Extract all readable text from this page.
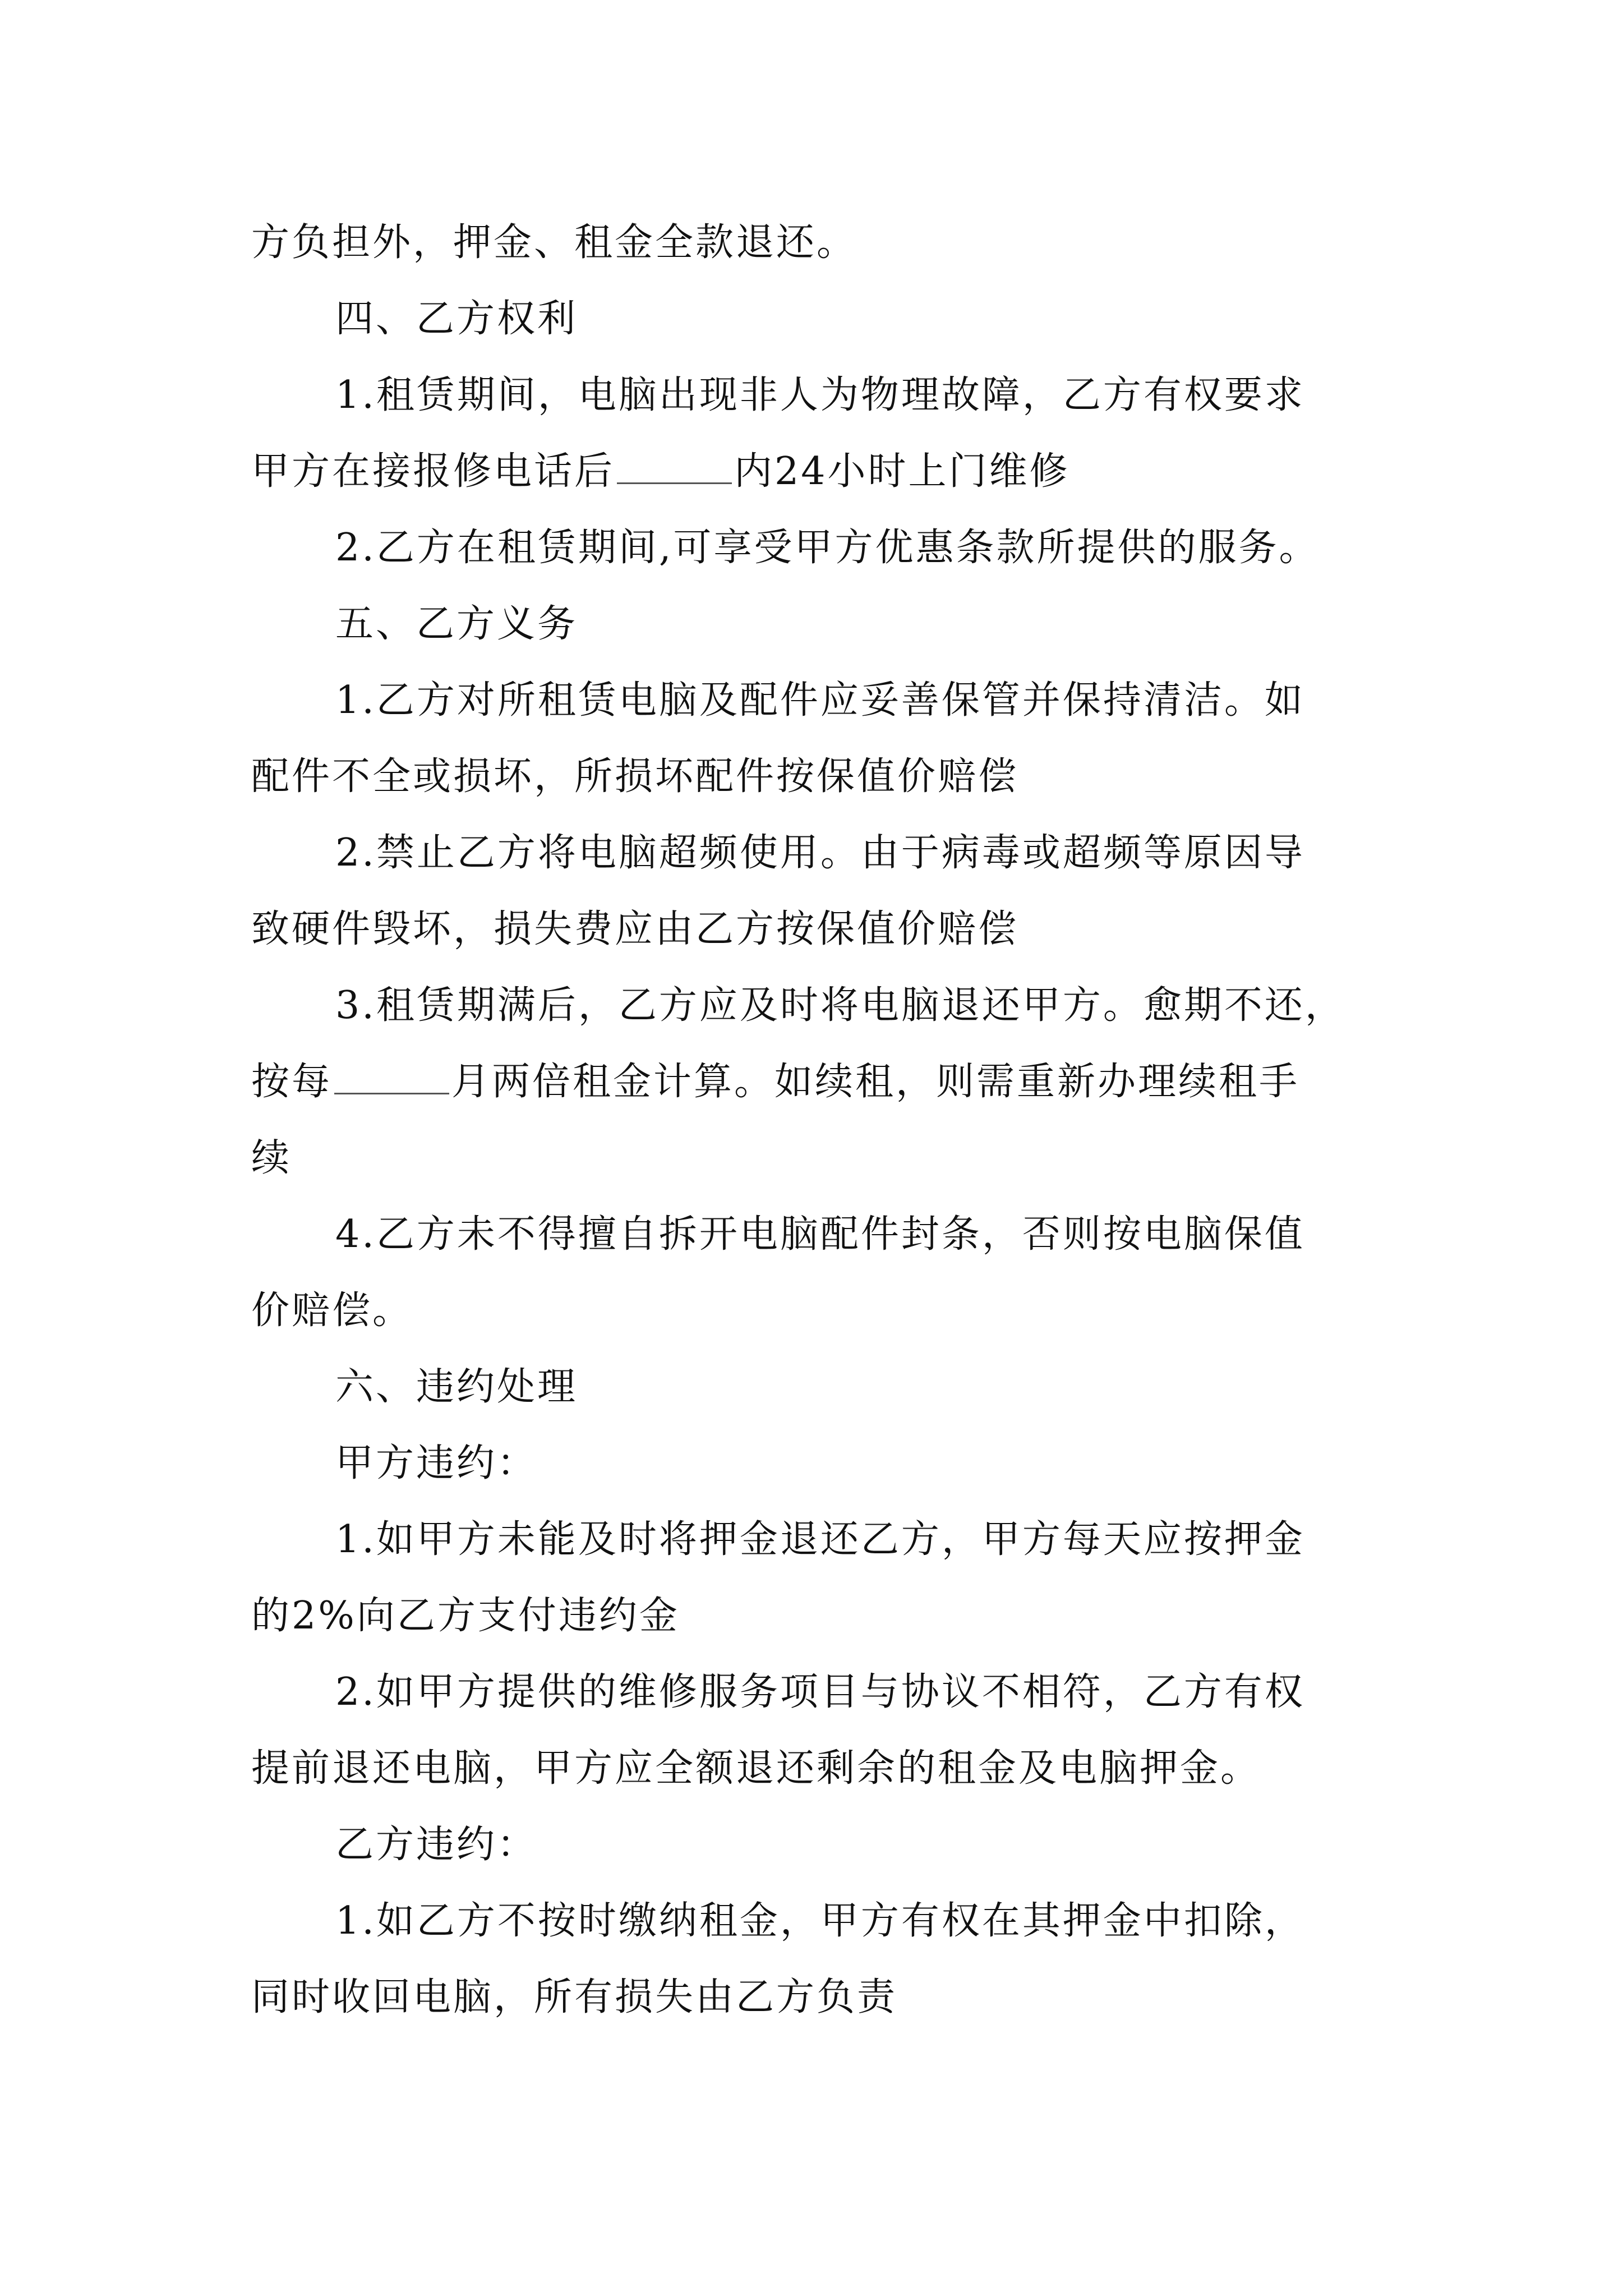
方负担外，押金、租金全款退还。
四、乙方权利
1.租赁期间，电脑出现非人为物理故障，乙方有权要求
甲方在接报修电话后	内24小时上门维修
2.乙方在租赁期间,可享受甲方优惠条款所提供的服务。
五、乙方义务
1.乙方对所租赁电脑及配件应妥善保管并保持清洁。如
配件不全或损坏，所损坏配件按保值价赔偿
2.禁止乙方将电脑超频使用。由于病毒或超频等原因导
致硬件毁坏，损失费应由乙方按保值价赔偿
3.租赁期满后，乙方应及时将电脑退还甲方。愈期不还，
按每	月两倍租金计算。如续租，则需重新办理续租手
续
4.乙方未不得擅自拆开电脑配件封条，否则按电脑保值
价赔偿。
六、违约处理
甲方违约：
1.如甲方未能及时将押金退还乙方，甲方每天应按押金
的2%向乙方支付违约金
2.如甲方提供的维修服务项目与协议不相符，乙方有权
提前退还电脑，甲方应全额退还剩余的租金及电脑押金。
乙方违约：
1.如乙方不按时缴纳租金，甲方有权在其押金中扣除，
同时收回电脑，所有损失由乙方负责
